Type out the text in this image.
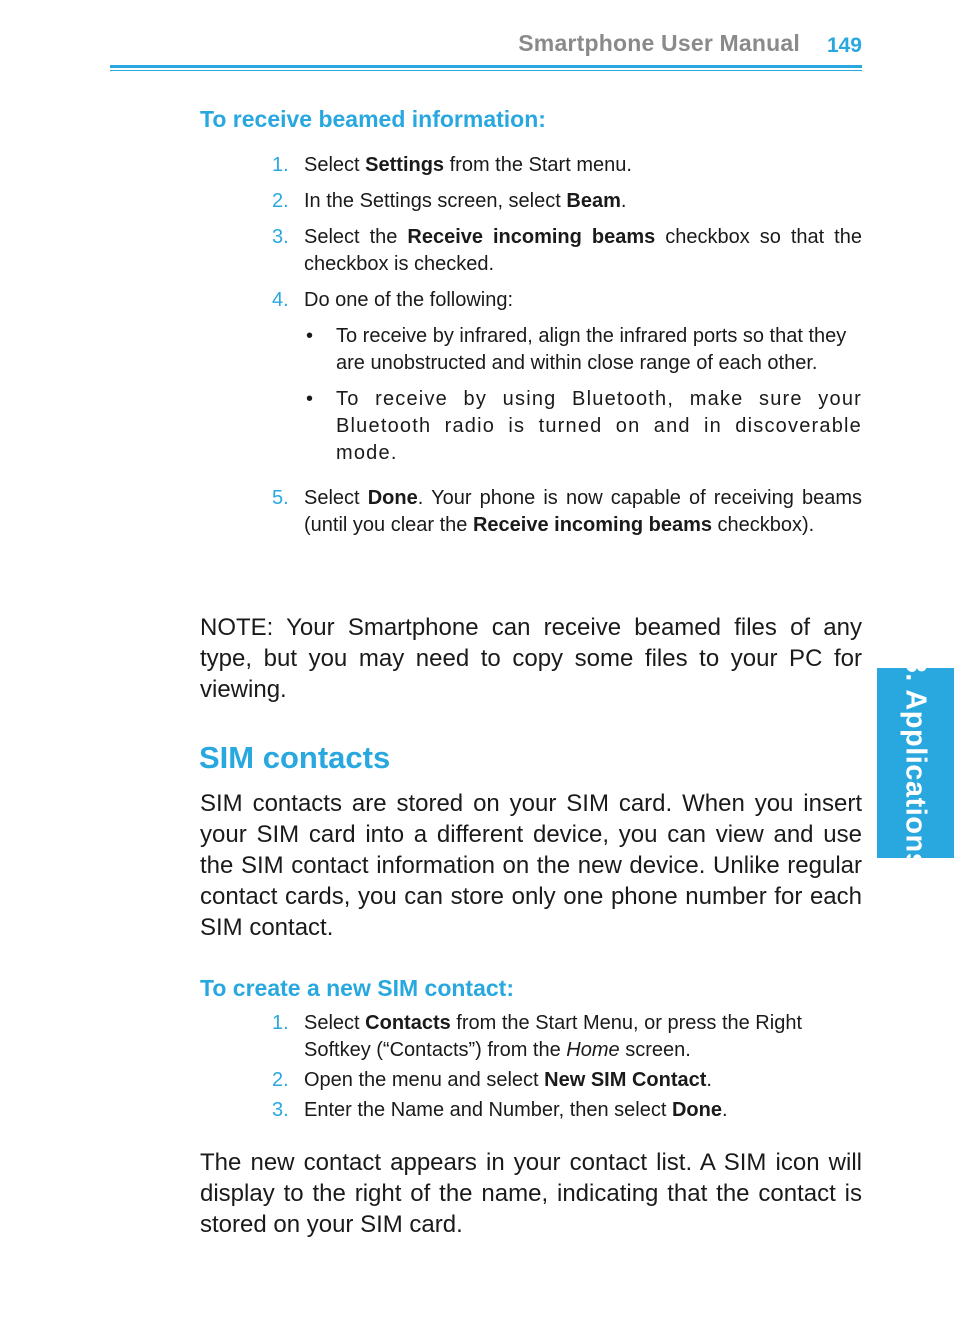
Smartphone User Manual 149
8. Applications
To receive beamed information:
1. Select Settings from the Start menu.
2. In the Settings screen, select Beam.
3. Select the Receive incoming beams checkbox so that the checkbox is checked.
4. Do one of the following:
• To receive by infrared, align the infrared ports so that they are unobstructed and within close range of each other.
• To receive by using Bluetooth, make sure your Bluetooth radio is turned on and in discoverable mode.
5. Select Done. Your phone is now capable of receiving beams (until you clear the Receive incoming beams checkbox).
NOTE: Your Smartphone can receive beamed files of any type, but you may need to copy some files to your PC for viewing.
SIM contacts
SIM contacts are stored on your SIM card. When you insert your SIM card into a different device, you can view and use the SIM contact information on the new device. Unlike regular contact cards, you can store only one phone number for each SIM contact.
To create a new SIM contact:
1. Select Contacts from the Start Menu, or press the Right Softkey (“Contacts”) from the Home screen.
2. Open the menu and select New SIM Contact.
3. Enter the Name and Number, then select Done.
The new contact appears in your contact list. A SIM icon will display to the right of the name, indicating that the contact is stored on your SIM card.
